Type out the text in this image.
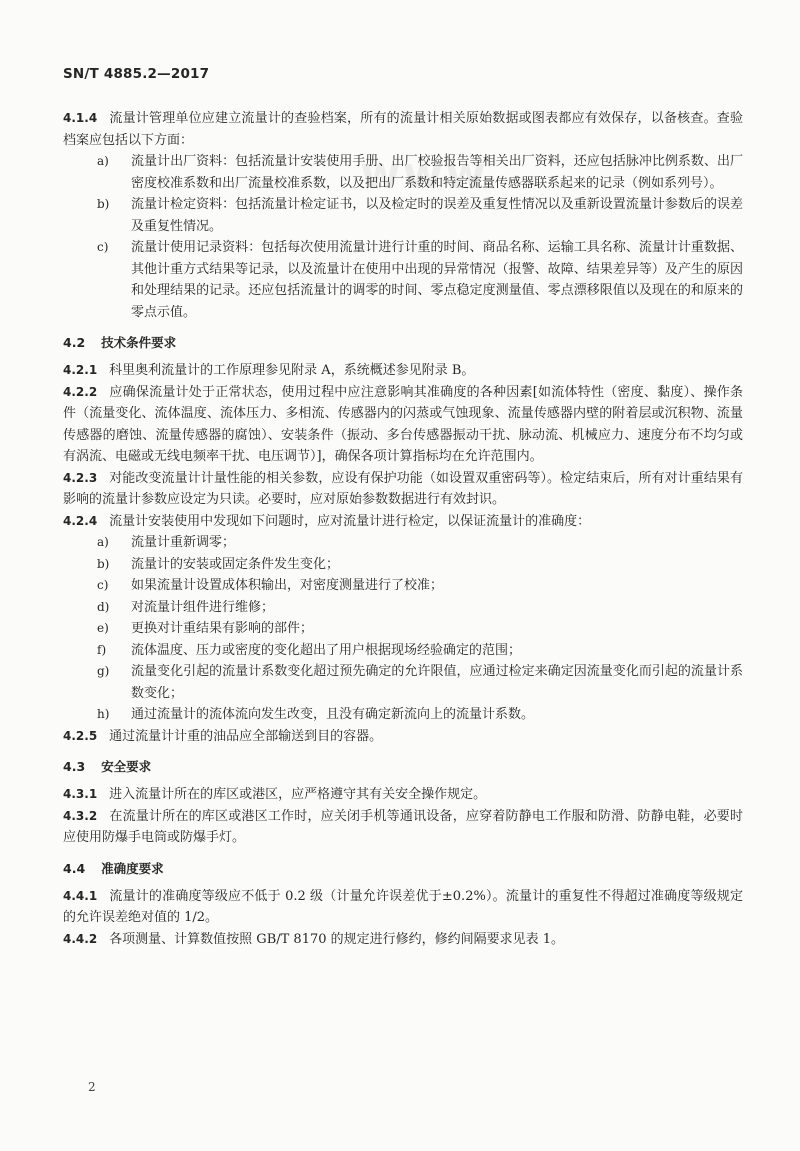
www
SN/T 4885.2—2017

4.1.4 流量计管理单位应建立流量计的查验档案，所有的流量计相关原始数据或图表都应有效保存，以备核查。查验档案应包括以下方面：

a) 流量计出厂资料：包括流量计安装使用手册、出厂校验报告等相关出厂资料，还应包括脉冲比例系数、出厂密度校准系数和出厂流量校准系数，以及把出厂系数和特定流量传感器联系起来的记录（例如系列号）。
b) 流量计检定资料：包括流量计检定证书，以及检定时的误差及重复性情况以及重新设置流量计参数后的误差及重复性情况。
c) 流量计使用记录资料：包括每次使用流量计进行计重的时间、商品名称、运输工具名称、流量计计重数据、其他计重方式结果等记录，以及流量计在使用中出现的异常情况（报警、故障、结果差异等）及产生的原因和处理结果的记录。还应包括流量计的调零的时间、零点稳定度测量值、零点漂移限值以及现在的和原来的零点示值。
4.2 技术条件要求

4.2.1 科里奥利流量计的工作原理参见附录 A，系统概述参见附录 B。

4.2.2 应确保流量计处于正常状态，使用过程中应注意影响其准确度的各种因素[如流体特性（密度、黏度）、操作条件（流量变化、流体温度、流体压力、多相流、传感器内的闪蒸或气蚀现象、流量传感器内壁的附着层或沉积物、流量传感器的磨蚀、流量传感器的腐蚀）、安装条件（振动、多台传感器振动干扰、脉动流、机械应力、速度分布不均匀或有涡流、电磁或无线电频率干扰、电压调节）]，确保各项计算指标均在允许范围内。

4.2.3 对能改变流量计计量性能的相关参数，应设有保护功能（如设置双重密码等）。检定结束后，所有对计重结果有影响的流量计参数应设定为只读。必要时，应对原始参数数据进行有效封识。

4.2.4 流量计安装使用中发现如下问题时，应对流量计进行检定，以保证流量计的准确度：

a) 流量计重新调零；
b) 流量计的安装或固定条件发生变化；
c) 如果流量计设置成体积输出，对密度测量进行了校准；
d) 对流量计组件进行维修；
e) 更换对计重结果有影响的部件；
f) 流体温度、压力或密度的变化超出了用户根据现场经验确定的范围；
g) 流量变化引起的流量计系数变化超过预先确定的允许限值，应通过检定来确定因流量变化而引起的流量计系数变化；
h) 通过流量计的流体流向发生改变，且没有确定新流向上的流量计系数。

4.2.5 通过流量计计重的油品应全部输送到目的容器。

4.3 安全要求

4.3.1 进入流量计所在的库区或港区，应严格遵守其有关安全操作规定。

4.3.2 在流量计所在的库区或港区工作时，应关闭手机等通讯设备，应穿着防静电工作服和防滑、防静电鞋，必要时应使用防爆手电筒或防爆手灯。

4.4 准确度要求

4.4.1 流量计的准确度等级应不低于 0.2 级（计量允许误差优于±0.2%）。流量计的重复性不得超过准确度等级规定的允许误差绝对值的 1/2。

4.4.2 各项测量、计算数值按照 GB/T 8170 的规定进行修约，修约间隔要求见表 1。

2
